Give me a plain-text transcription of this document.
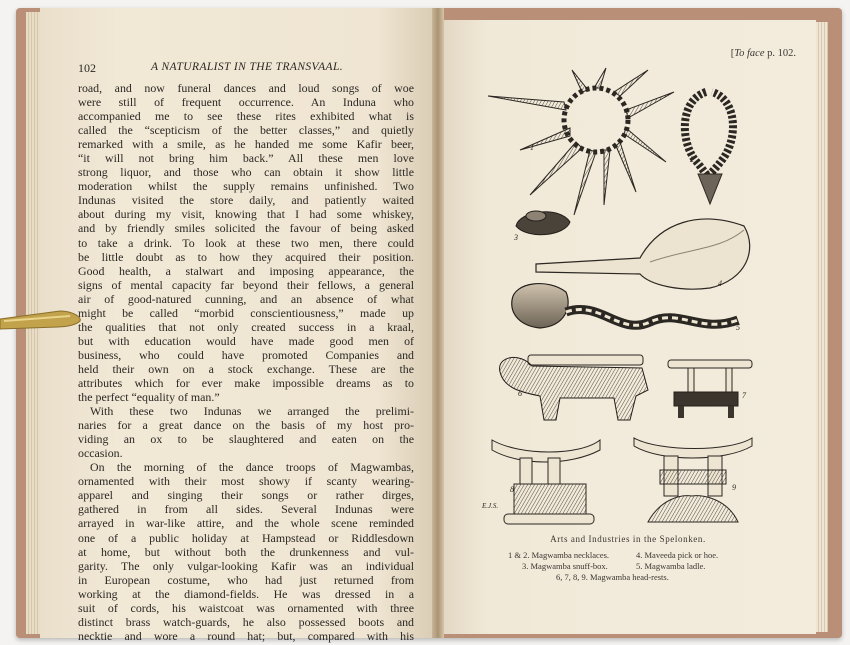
102	A NATURALIST IN THE TRANSVAAL.
road, and now funeral dances and loud songs of woe
were still of frequent occurrence. An Induna who
accompanied me to see these rites exhibited what is
called the “scepticism of the better classes,” and quietly
remarked with a smile, as he handed me some Kafir beer,
“it will not bring him back.” All these men love
strong liquor, and those who can obtain it show little
moderation whilst the supply remains unfinished. Two
Indunas visited the store daily, and patiently waited
about during my visit, knowing that I had some whiskey,
and by friendly smiles solicited the favour of being asked
to take a drink. To look at these two men, there could
be little doubt as to how they acquired their position.
Good health, a stalwart and imposing appearance, the
signs of mental capacity far beyond their fellows, a general
air of good-natured cunning, and an absence of what
might be called “morbid conscientiousness,” made up
the qualities that not only created success in a kraal,
but with education would have made good men of
business, who could have promoted Companies and
held their own on a stock exchange. These are the
attributes which for ever make impossible dreams as to
the perfect “equality of man.”
With these two Indunas we arranged the prelimi-
naries for a great dance on the basis of my host pro-
viding an ox to be slaughtered and eaten on the
occasion.
On the morning of the dance troops of Magwambas,
ornamented with their most showy if scanty wearing-
apparel and singing their songs or rather dirges,
gathered in from all sides. Several Indunas were
arrayed in war-like attire, and the whole scene reminded
one of a public holiday at Hampstead or Riddlesdown
at home, but without both the drunkenness and vul-
garity. The only vulgar-looking Kafir was an individual
in European costume, who had just returned from
working at the diamond-fields. He was dressed in a
suit of cords, his waistcoat was ornamented with three
distinct brass watch-guards, he also possessed boots and
necktie and wore a round hat; but, compared with his
[To face p. 102.
1
2
3
4
5
6	7
8	9
E.J.S.
Arts and Industries in the Spelonken.
1 & 2. Magwamba necklaces.	4. Maveeda pick or hoe.
3. Magwamba snuff-box.	5. Magwamba ladle.
6, 7, 8, 9. Magwamba head-rests.
